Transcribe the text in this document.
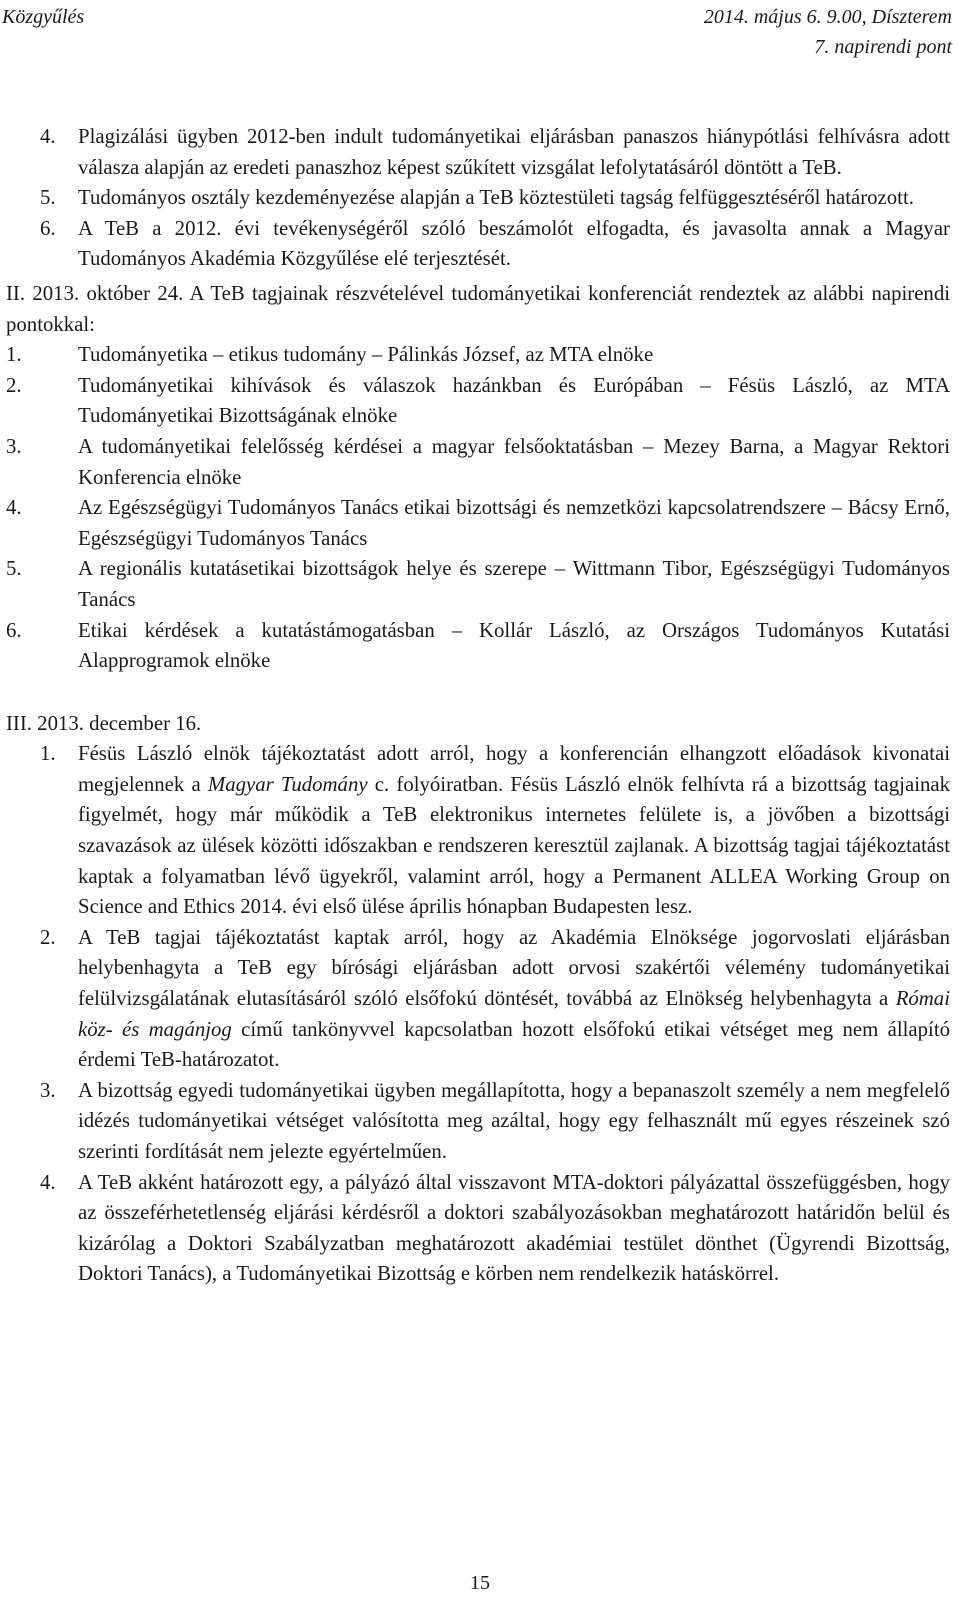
Közgyűlés	2014. május 6. 9.00, Díszterem
7. napirendi pont
4. Plagizálási ügyben 2012-ben indult tudományetikai eljárásban panaszos hiánypótlási felhívásra adott válasza alapján az eredeti panaszhoz képest szűkített vizsgálat lefolytatásáról döntött a TeB.
5. Tudományos osztály kezdeményezése alapján a TeB köztestületi tagság felfüggesztéséről határozott.
6. A TeB a 2012. évi tevékenységéről szóló beszámolót elfogadta, és javasolta annak a Magyar Tudományos Akadémia Közgyűlése elé terjesztését.
II. 2013. október 24. A TeB tagjainak részvételével tudományetikai konferenciát rendeztek az alábbi napirendi pontokkal:
1.	Tudományetika – etikus tudomány – Pálinkás József, az MTA elnöke
2.	Tudományetikai kihívások és válaszok hazánkban és Európában – Fésüs László, az MTA Tudományetikai Bizottságának elnöke
3.	A tudományetikai felelősség kérdései a magyar felsőoktatásban – Mezey Barna, a Magyar Rektori Konferencia elnöke
4.	Az Egészségügyi Tudományos Tanács etikai bizottsági és nemzetközi kapcsolatrendszere – Bácsy Ernő, Egészségügyi Tudományos Tanács
5.	A regionális kutatásetikai bizottságok helye és szerepe – Wittmann Tibor, Egészségügyi Tudományos Tanács
6.	Etikai kérdések a kutatástámogatásban – Kollár László, az Országos Tudományos Kutatási Alapprogramok elnöke
III. 2013. december 16.
1. Fésüs László elnök tájékoztatást adott arról, hogy a konferencián elhangzott előadások kivonatai megjelennek a Magyar Tudomány c. folyóiratban. Fésüs László elnök felhívta rá a bizottság tagjainak figyelmét, hogy már működik a TeB elektronikus internetes felülete is, a jövőben a bizottsági szavazások az ülések közötti időszakban e rendszeren keresztül zajlanak. A bizottság tagjai tájékoztatást kaptak a folyamatban lévő ügyekről, valamint arról, hogy a Permanent ALLEA Working Group on Science and Ethics 2014. évi első ülése április hónapban Budapesten lesz.
2. A TeB tagjai tájékoztatást kaptak arról, hogy az Akadémia Elnöksége jogorvoslati eljárásban helybenhagyta a TeB egy bírósági eljárásban adott orvosi szakértői vélemény tudományetikai felülvizsgálatának elutasításáról szóló elsőfokú döntését, továbbá az Elnökség helybenhagyta a Római köz- és magánjog című tankönyvvel kapcsolatban hozott elsőfokú etikai vétséget meg nem állapító érdemi TeB-határozatot.
3. A bizottság egyedi tudományetikai ügyben megállapította, hogy a bepanaszolt személy a nem megfelelő idézés tudományetikai vétséget valósította meg azáltal, hogy egy felhasznált mű egyes részeinek szó szerinti fordítását nem jelezte egyértelműen.
4. A TeB akként határozott egy, a pályázó által visszavont MTA-doktori pályázattal összefüggésben, hogy az összeférhetetlenség eljárási kérdésről a doktori szabályozásokban meghatározott határidőn belül és kizárólag a Doktori Szabályzatban meghatározott akadémiai testület dönthet (Ügyrendi Bizottság, Doktori Tanács), a Tudományetikai Bizottság e körben nem rendelkezik hatáskörrel.
15
